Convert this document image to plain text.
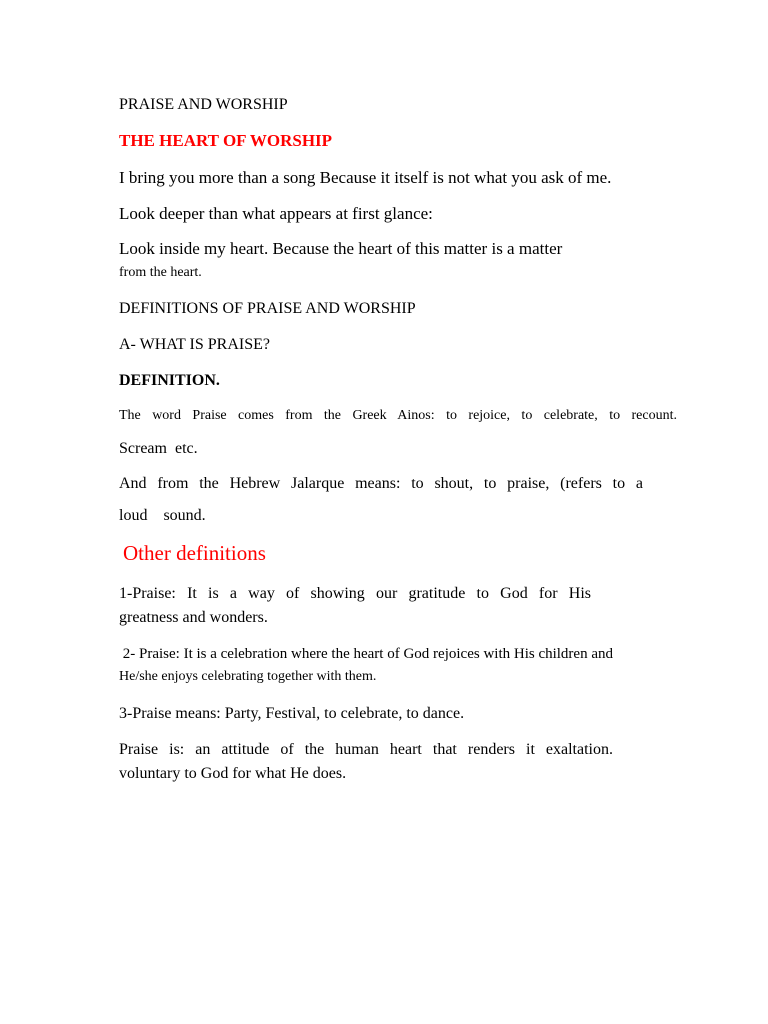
PRAISE AND WORSHIP
THE HEART OF WORSHIP
I bring you more than a song Because it itself is not what you ask of me.
Look deeper than what appears at first glance:
Look inside my heart. Because the heart of this matter is a matter
from the heart.
DEFINITIONS OF PRAISE AND WORSHIP
A- WHAT IS PRAISE?
DEFINITION.
The word Praise comes from the Greek Ainos: to rejoice, to celebrate, to recount.
Scream  etc.
And from the Hebrew Jalarque means: to shout, to praise, (refers to a
loud    sound.
Other definitions
1-Praise: It is a way of showing our gratitude to God for His
greatness and wonders.
2- Praise: It is a celebration where the heart of God rejoices with His children and
He/she enjoys celebrating together with them.
3-Praise means: Party, Festival, to celebrate, to dance.
Praise is: an attitude of the human heart that renders it exaltation.
voluntary to God for what He does.
